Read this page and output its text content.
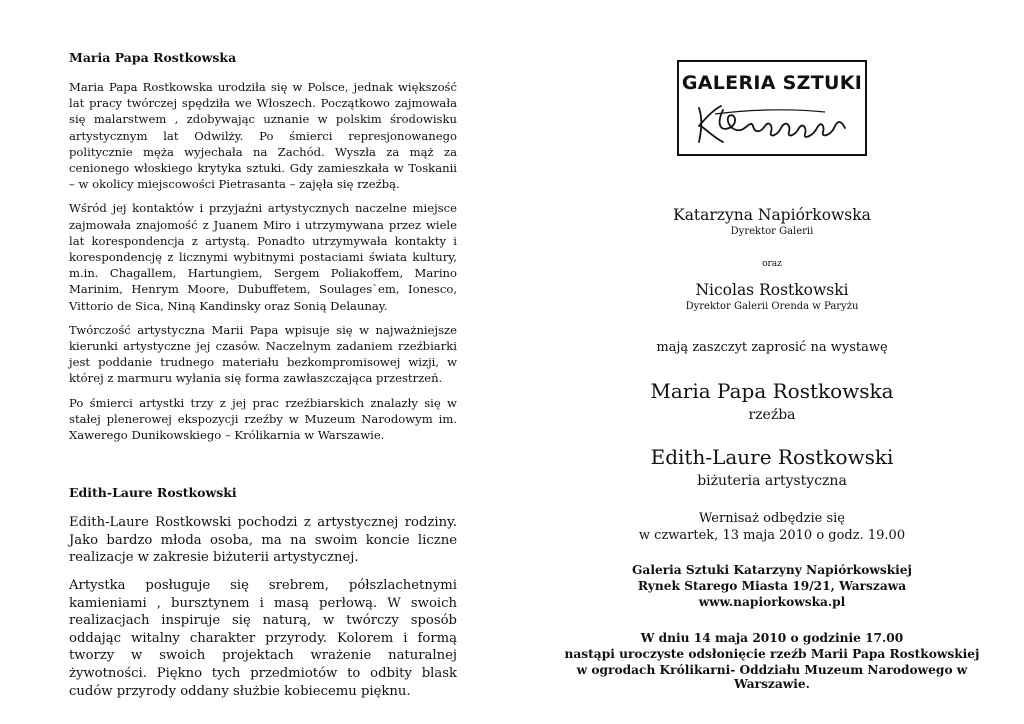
Maria Papa Rostkowska

Maria Papa Rostkowska urodziła się w Polsce, jednak większość lat pracy twórczej spędziła we Włoszech. Początkowo zajmowała się malarstwem , zdobywając uznanie w polskim środowisku artystycznym lat Odwilży. Po śmierci represjonowanego politycznie męża wyjechała na Zachód. Wyszła za mąż za cenionego włoskiego krytyka sztuki. Gdy zamieszkała w Toskanii – w okolicy miejscowości Pietrasanta – zajęła się rzeźbą.

Wśród jej kontaktów i przyjaźni artystycznych naczelne miejsce zajmowała znajomość z Juanem Miro i utrzymywana przez wiele lat korespondencja z artystą. Ponadto utrzymywała kontakty i korespondencję z licznymi wybitnymi postaciami świata kultury, m.in. Chagallem, Hartungiem, Sergem Poliakoffem, Marino Marinim, Henrym Moore, Dubuffetem, Soulages`em, Ionesco, Vittorio de Sica, Niną Kandinsky oraz Sonią Delaunay.

Twórczość artystyczna Marii Papa wpisuje się w najważniejsze kierunki artystyczne jej czasów. Naczelnym zadaniem rzeźbiarki jest poddanie trudnego materiału bezkompromisowej wizji, w której z marmuru wyłania się forma zawłaszczająca przestrzeń.

Po śmierci artystki trzy z jej prac rzeźbiarskich znalazły się w stałej plenerowej ekspozycji rzeźby w Muzeum Narodowym im. Xawerego Dunikowskiego – Królikarnia w Warszawie.

Edith-Laure Rostkowski

Edith-Laure Rostkowski pochodzi z artystycznej rodziny. Jako bardzo młoda osoba, ma na swoim koncie liczne realizacje w zakresie biżuterii artystycznej.

Artystka posługuje się srebrem, półszlachetnymi kamieniami , bursztynem i masą perłową. W swoich realizacjach inspiruje się naturą, w twórczy sposób oddając witalny charakter przyrody. Kolorem i formą tworzy w swoich projektach wrażenie naturalnej żywotności. Piękno tych przedmiotów to odbity blask cudów przyrody oddany służbie kobiecemu pięknu.

GALERIA SZTUKI
Katarzyna Napiórkowska
Dyrektor Galerii
oraz
Nicolas Rostkowski
Dyrektor Galerii Orenda w Paryżu
mają zaszczyt zaprosić na wystawę
Maria Papa Rostkowska
rzeźba
Edith-Laure Rostkowski
biżuteria artystyczna
Wernisaż odbędzie się
w czwartek, 13 maja 2010 o godz. 19.00
Galeria Sztuki Katarzyny Napiórkowskiej
Rynek Starego Miasta 19/21, Warszawa
www.napiorkowska.pl
W dniu 14 maja 2010 o godzinie 17.00
nastąpi uroczyste odsłonięcie rzeźb Marii Papa Rostkowskiej
w ogrodach Królikarni- Oddziału Muzeum Narodowego w Warszawie.
